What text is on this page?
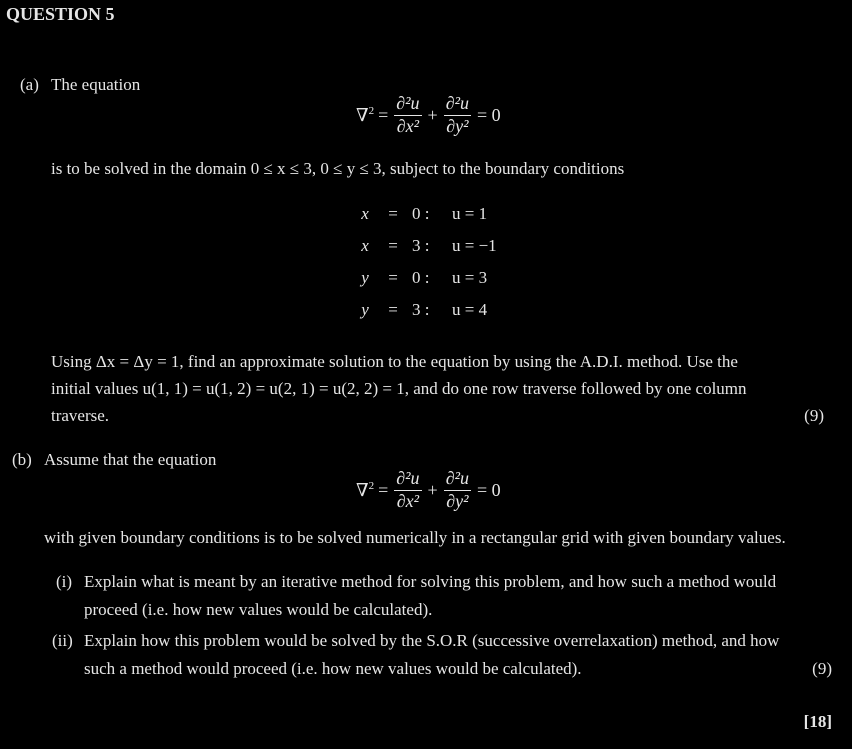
QUESTION 5
(a) The equation
$\nabla^2 = \frac{\text{∂²u}}{\text{∂x²}} + \frac{\text{∂²u}}{\text{∂y²}} = 0$
is to be solved in the domain 0 ≤ x ≤ 3, 0 ≤ y ≤ 3, subject to the boundary conditions
x	=	0 :	u = 1
x	=	3 :	u = −1
y	=	0 :	u = 3
y	=	3 :	u = 4
Using Δx = Δy = 1, find an approximate solution to the equation by using the A.D.I. method. Use the
initial values u(1, 1) = u(1, 2) = u(2, 1) = u(2, 2) = 1, and do one row traverse followed by one column
traverse.	(9)
(b) Assume that the equation
$\nabla^2 = \frac{\text{∂²u}}{\text{∂x²}} + \frac{\text{∂²u}}{\text{∂y²}} = 0$
with given boundary conditions is to be solved numerically in a rectangular grid with given boundary values.
(i) Explain what is meant by an iterative method for solving this problem, and how such a method would
proceed (i.e. how new values would be calculated).
(ii) Explain how this problem would be solved by the S.O.R (successive overrelaxation) method, and how
such a method would proceed (i.e. how new values would be calculated).	(9)
[18]
